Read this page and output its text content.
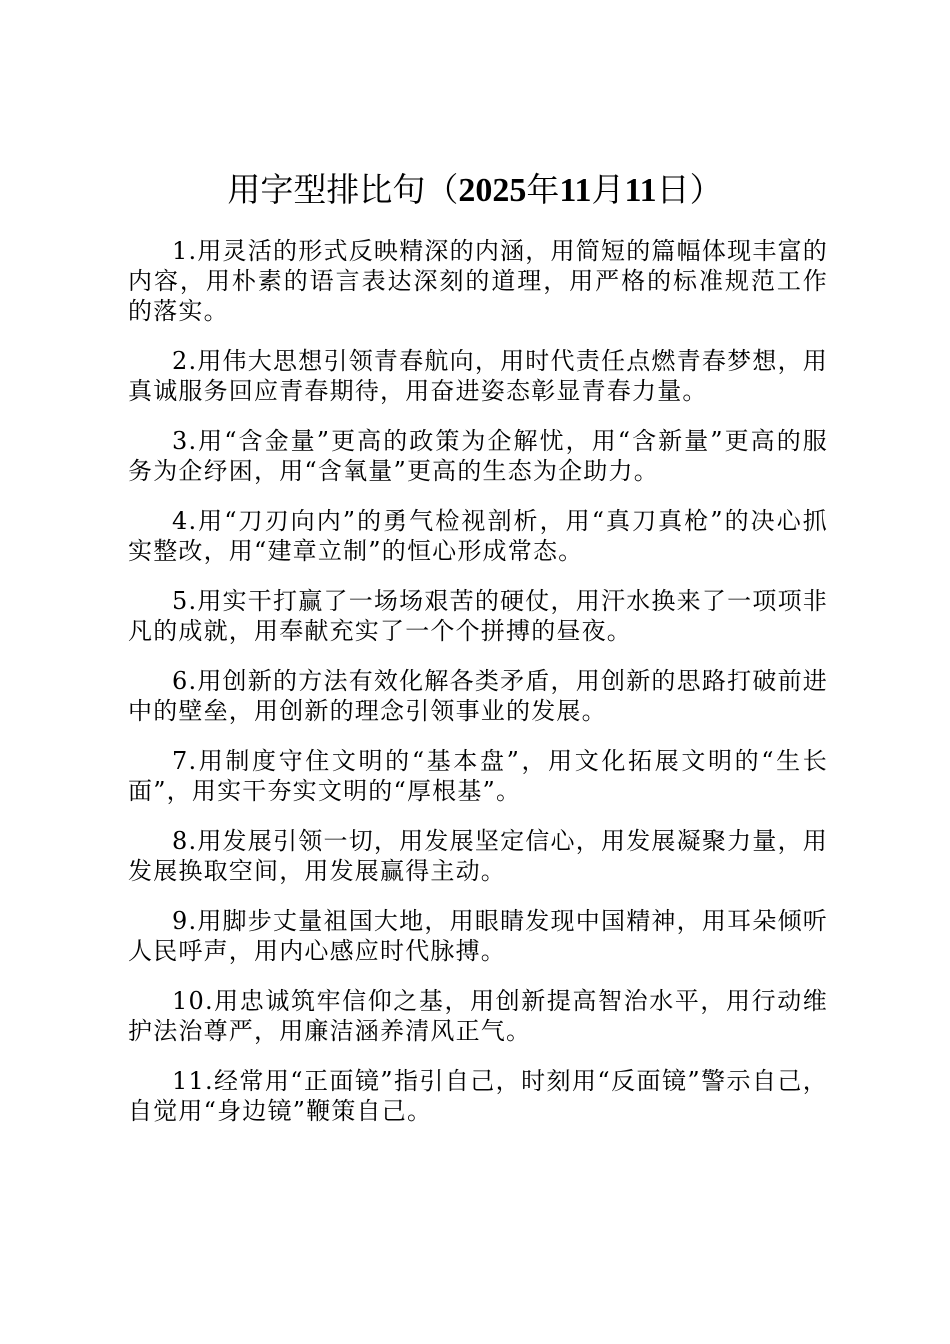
用字型排比句（2025年11月11日）

1.用灵活的形式反映精深的内涵，用简短的篇幅体现丰富的内容，用朴素的语言表达深刻的道理，用严格的标准规范工作的落实。

2.用伟大思想引领青春航向，用时代责任点燃青春梦想，用真诚服务回应青春期待，用奋进姿态彰显青春力量。

3.用“含金量”更高的政策为企解忧，用“含新量”更高的服务为企纾困，用“含氧量”更高的生态为企助力。

4.用“刀刃向内”的勇气检视剖析，用“真刀真枪”的决心抓实整改，用“建章立制”的恒心形成常态。

5.用实干打赢了一场场艰苦的硬仗，用汗水换来了一项项非凡的成就，用奉献充实了一个个拼搏的昼夜。

6.用创新的方法有效化解各类矛盾，用创新的思路打破前进中的壁垒，用创新的理念引领事业的发展。

7.用制度守住文明的“基本盘”，用文化拓展文明的“生长面”，用实干夯实文明的“厚根基”。

8.用发展引领一切，用发展坚定信心，用发展凝聚力量，用发展换取空间，用发展赢得主动。

9.用脚步丈量祖国大地，用眼睛发现中国精神，用耳朵倾听人民呼声，用内心感应时代脉搏。

10.用忠诚筑牢信仰之基，用创新提高智治水平，用行动维护法治尊严，用廉洁涵养清风正气。

11.经常用“正面镜”指引自己，时刻用“反面镜”警示自己，自觉用“身边镜”鞭策自己。
